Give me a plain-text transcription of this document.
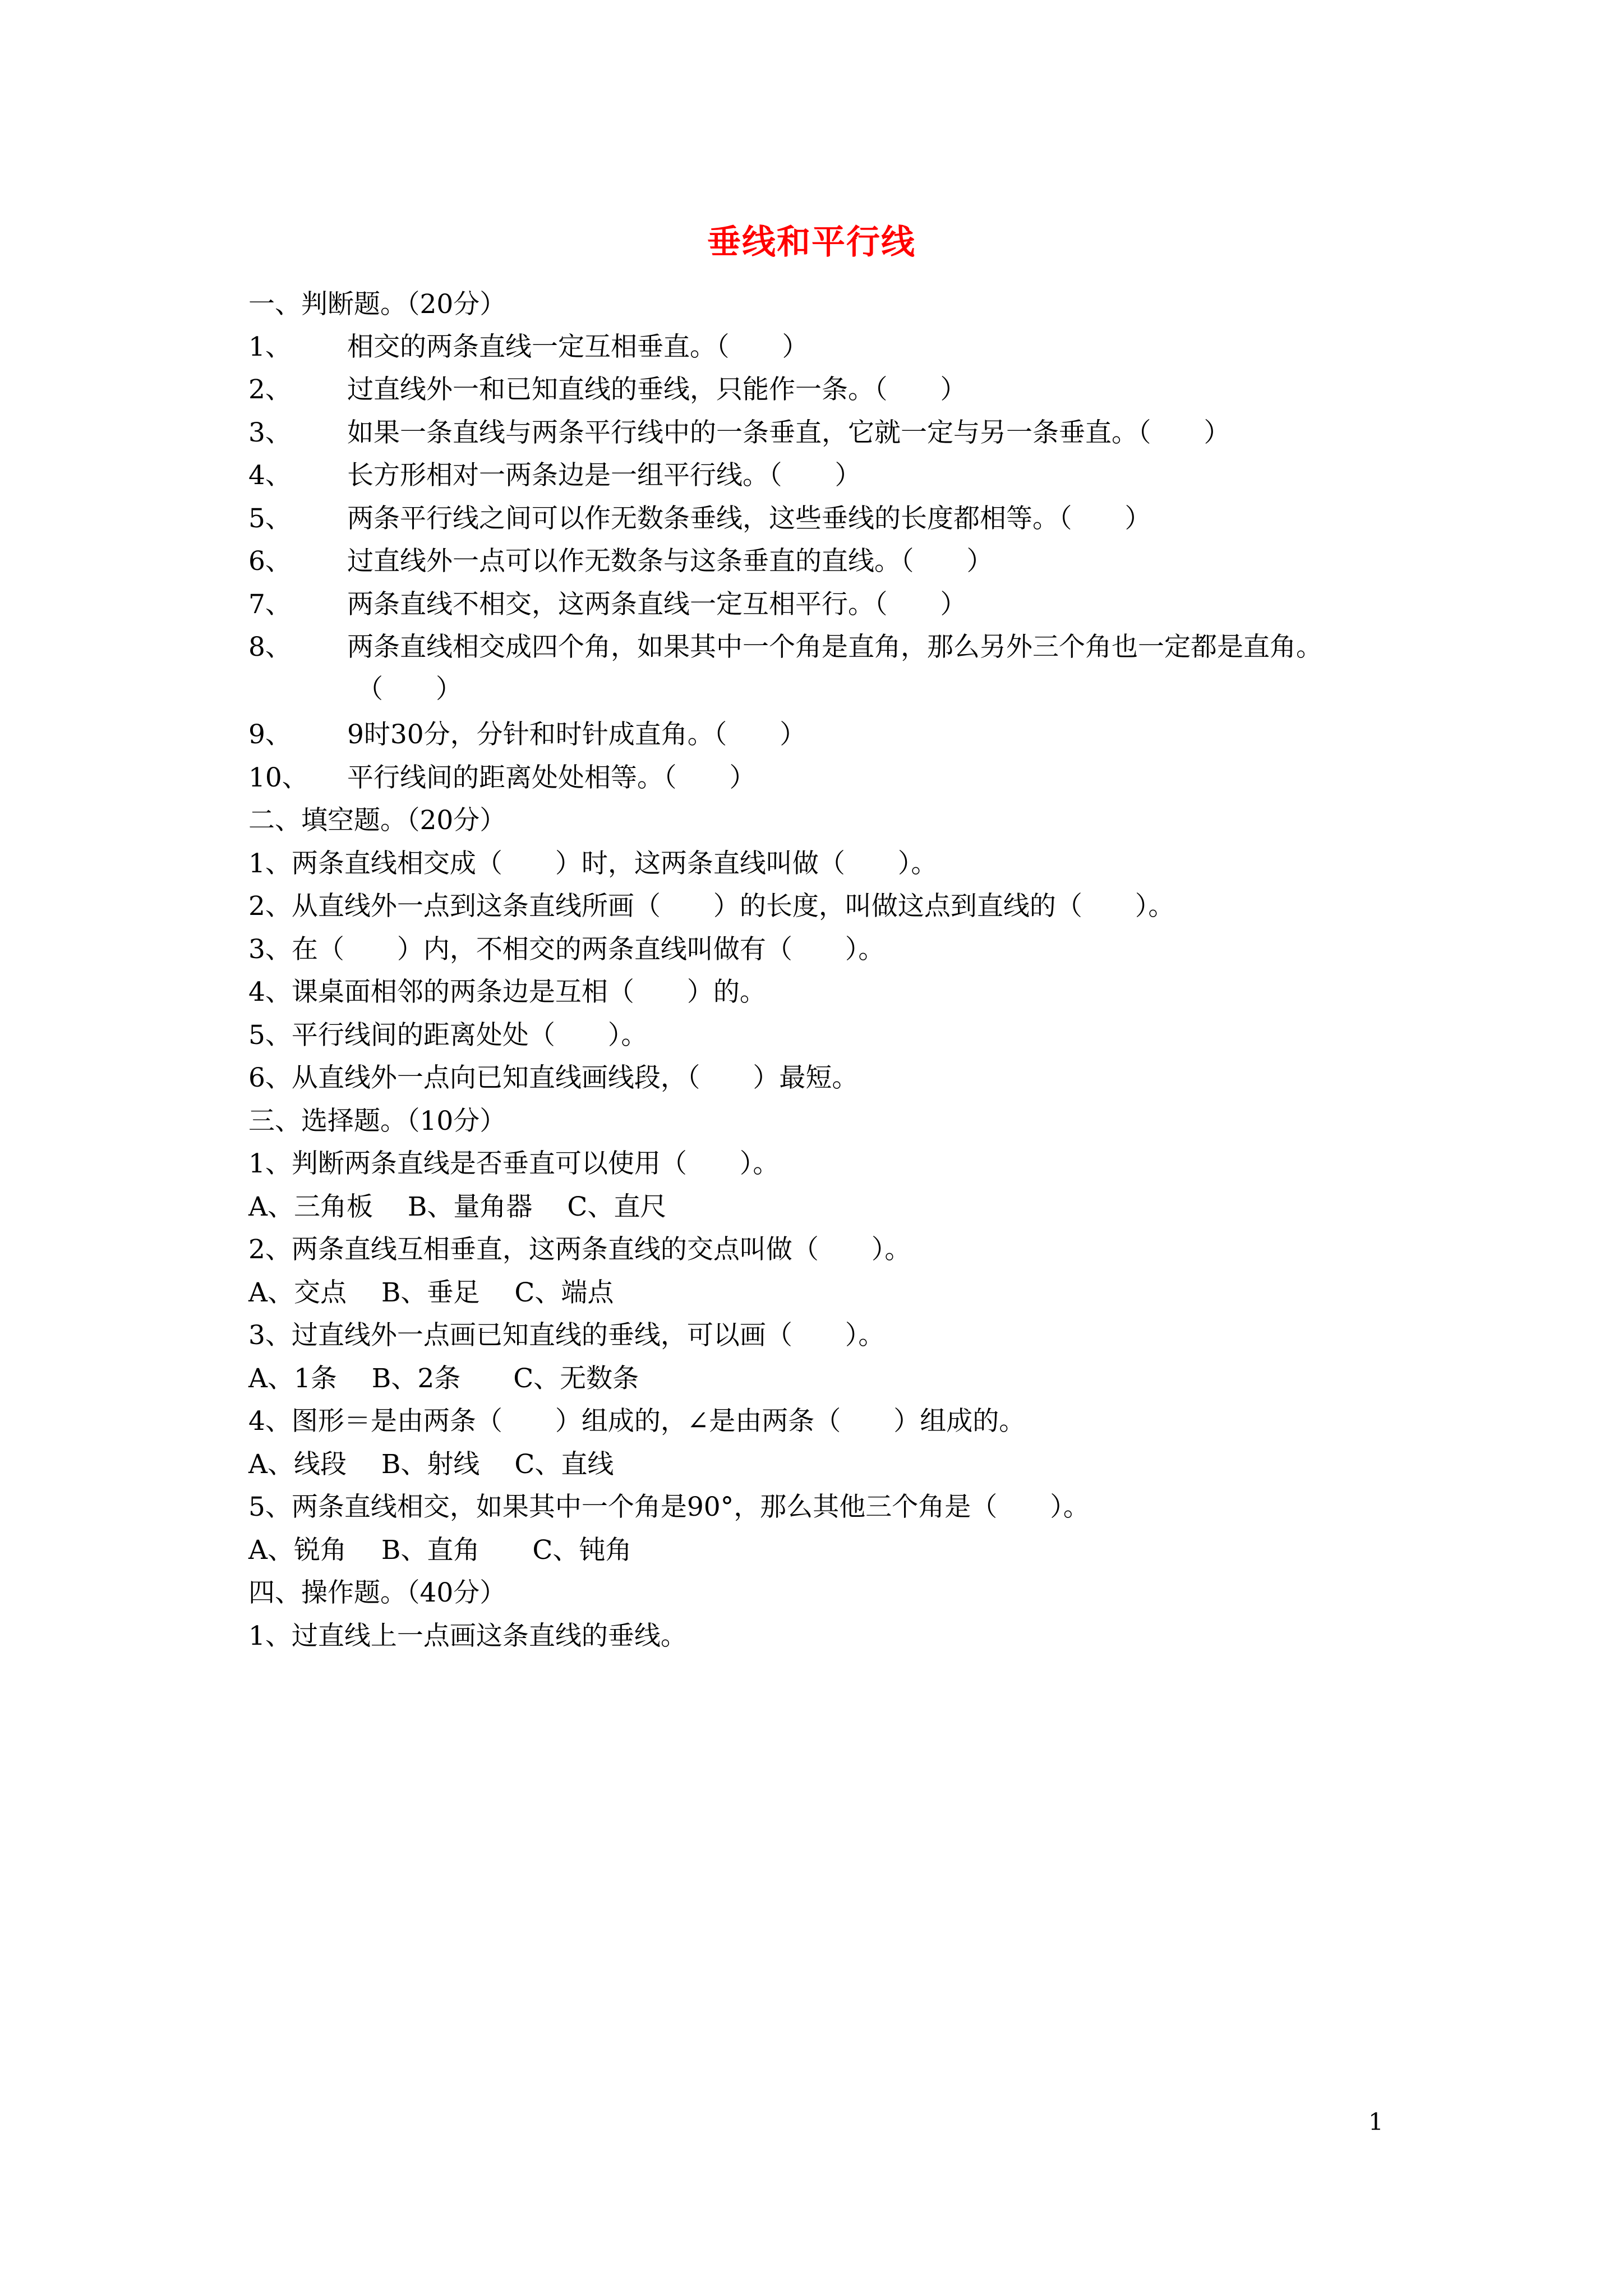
垂线和平行线
一、判断题。（20分）
1、 相交的两条直线一定互相垂直。（　　）
2、 过直线外一和已知直线的垂线，只能作一条。（　　）
3、 如果一条直线与两条平行线中的一条垂直，它就一定与另一条垂直。（　　）
4、 长方形相对一两条边是一组平行线。（　　）
5、 两条平行线之间可以作无数条垂线，这些垂线的长度都相等。（　　）
6、 过直线外一点可以作无数条与这条垂直的直线。（　　）
7、 两条直线不相交，这两条直线一定互相平行。（　　）
8、 两条直线相交成四个角，如果其中一个角是直角，那么另外三个角也一定都是直角。
（　　）
9、 9时30分，分针和时针成直角。（　　）
10、 平行线间的距离处处相等。（　　）
二、填空题。（20分）
1、两条直线相交成（　　）时，这两条直线叫做（　　）。
2、从直线外一点到这条直线所画（　　）的长度，叫做这点到直线的（　　）。
3、在（　　）内，不相交的两条直线叫做有（　　）。
4、课桌面相邻的两条边是互相（　　）的。
5、平行线间的距离处处（　　）。
6、从直线外一点向已知直线画线段，（　　）最短。
三、选择题。（10分）
1、判断两条直线是否垂直可以使用（　　）。
A、三角板　 B、量角器　 C、直尺
2、两条直线互相垂直，这两条直线的交点叫做（　　）。
A、交点　 B、垂足　 C、端点
3、过直线外一点画已知直线的垂线，可以画（　　）。
A、1条　 B、2条　　C、无数条
4、图形＝是由两条（　　）组成的，∠是由两条（　　）组成的。
A、线段　 B、射线　 C、直线
5、两条直线相交，如果其中一个角是90°，那么其他三个角是（　　）。
A、锐角　 B、直角　　C、钝角
四、操作题。（40分）
1、过直线上一点画这条直线的垂线。
1
